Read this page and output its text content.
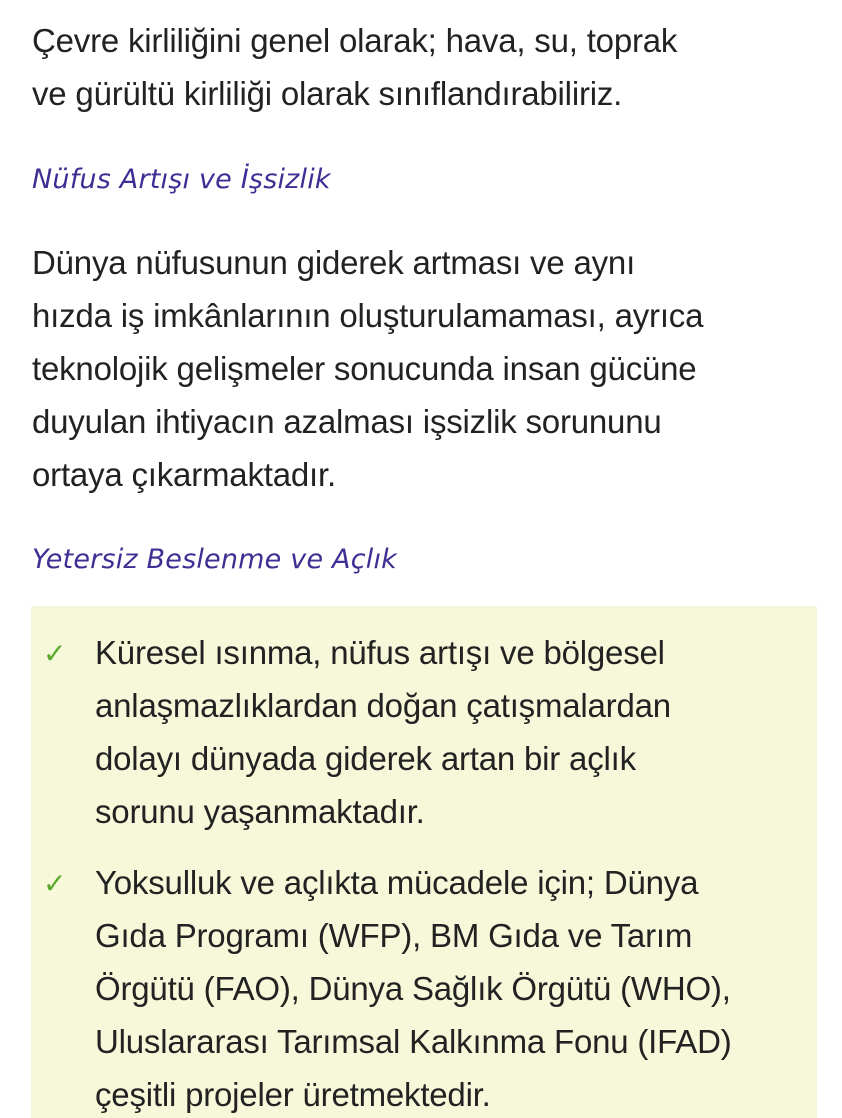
Çevre kirliliğini genel olarak; hava, su, toprak
ve gürültü kirliliği olarak sınıflandırabiliriz.

Nüfus Artışı ve İşsizlik

Dünya nüfusunun giderek artması ve aynı
hızda iş imkânlarının oluşturulamaması, ayrıca
teknolojik gelişmeler sonucunda insan gücüne
duyulan ihtiyacın azalması işsizlik sorununu
ortaya çıkarmaktadır.

Yetersiz Beslenme ve Açlık
✓ Küresel ısınma, nüfus artışı ve bölgesel
anlaşmazlıklardan doğan çatışmalardan
dolayı dünyada giderek artan bir açlık
sorunu yaşanmaktadır.

✓ Yoksulluk ve açlıkta mücadele için; Dünya
Gıda Programı (WFP), BM Gıda ve Tarım
Örgütü (FAO), Dünya Sağlık Örgütü (WHO),
Uluslararası Tarımsal Kalkınma Fonu (IFAD)
çeşitli projeler üretmektedir.
